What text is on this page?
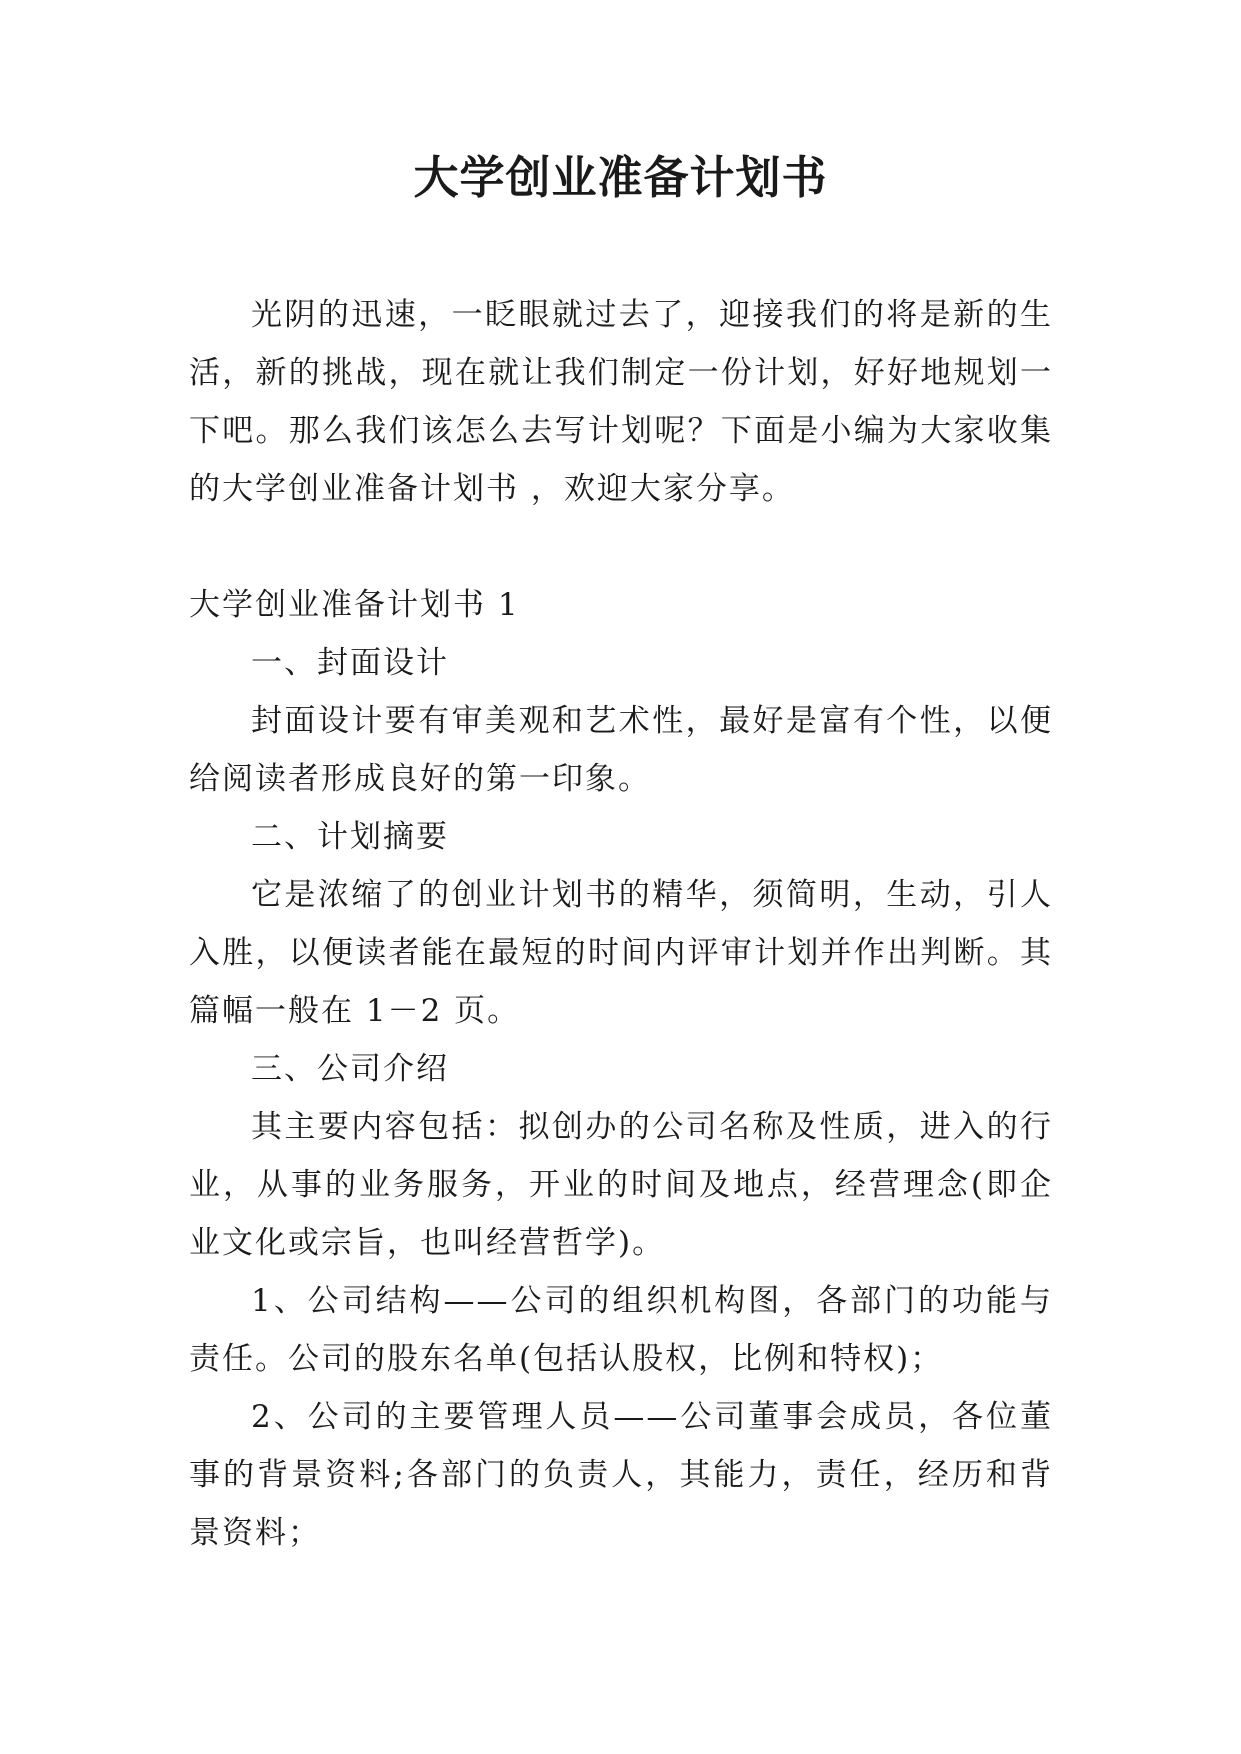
大学创业准备计划书

光阴的迅速，一眨眼就过去了，迎接我们的将是新的生活，新的挑战，现在就让我们制定一份计划，好好地规划一下吧。那么我们该怎么去写计划呢？下面是小编为大家收集的大学创业准备计划书 ，欢迎大家分享。

大学创业准备计划书 1

一、封面设计

封面设计要有审美观和艺术性，最好是富有个性，以便给阅读者形成良好的第一印象。

二、计划摘要

它是浓缩了的创业计划书的精华，须简明，生动，引人入胜，以便读者能在最短的时间内评审计划并作出判断。其篇幅一般在 1－2 页。

三、公司介绍

其主要内容包括：拟创办的公司名称及性质，进入的行业，从事的业务服务，开业的时间及地点，经营理念(即企业文化或宗旨，也叫经营哲学)。

1、公司结构——公司的组织机构图，各部门的功能与责任。公司的股东名单(包括认股权，比例和特权)；

2、公司的主要管理人员——公司董事会成员，各位董事的背景资料;各部门的负责人，其能力，责任，经历和背景资料；
